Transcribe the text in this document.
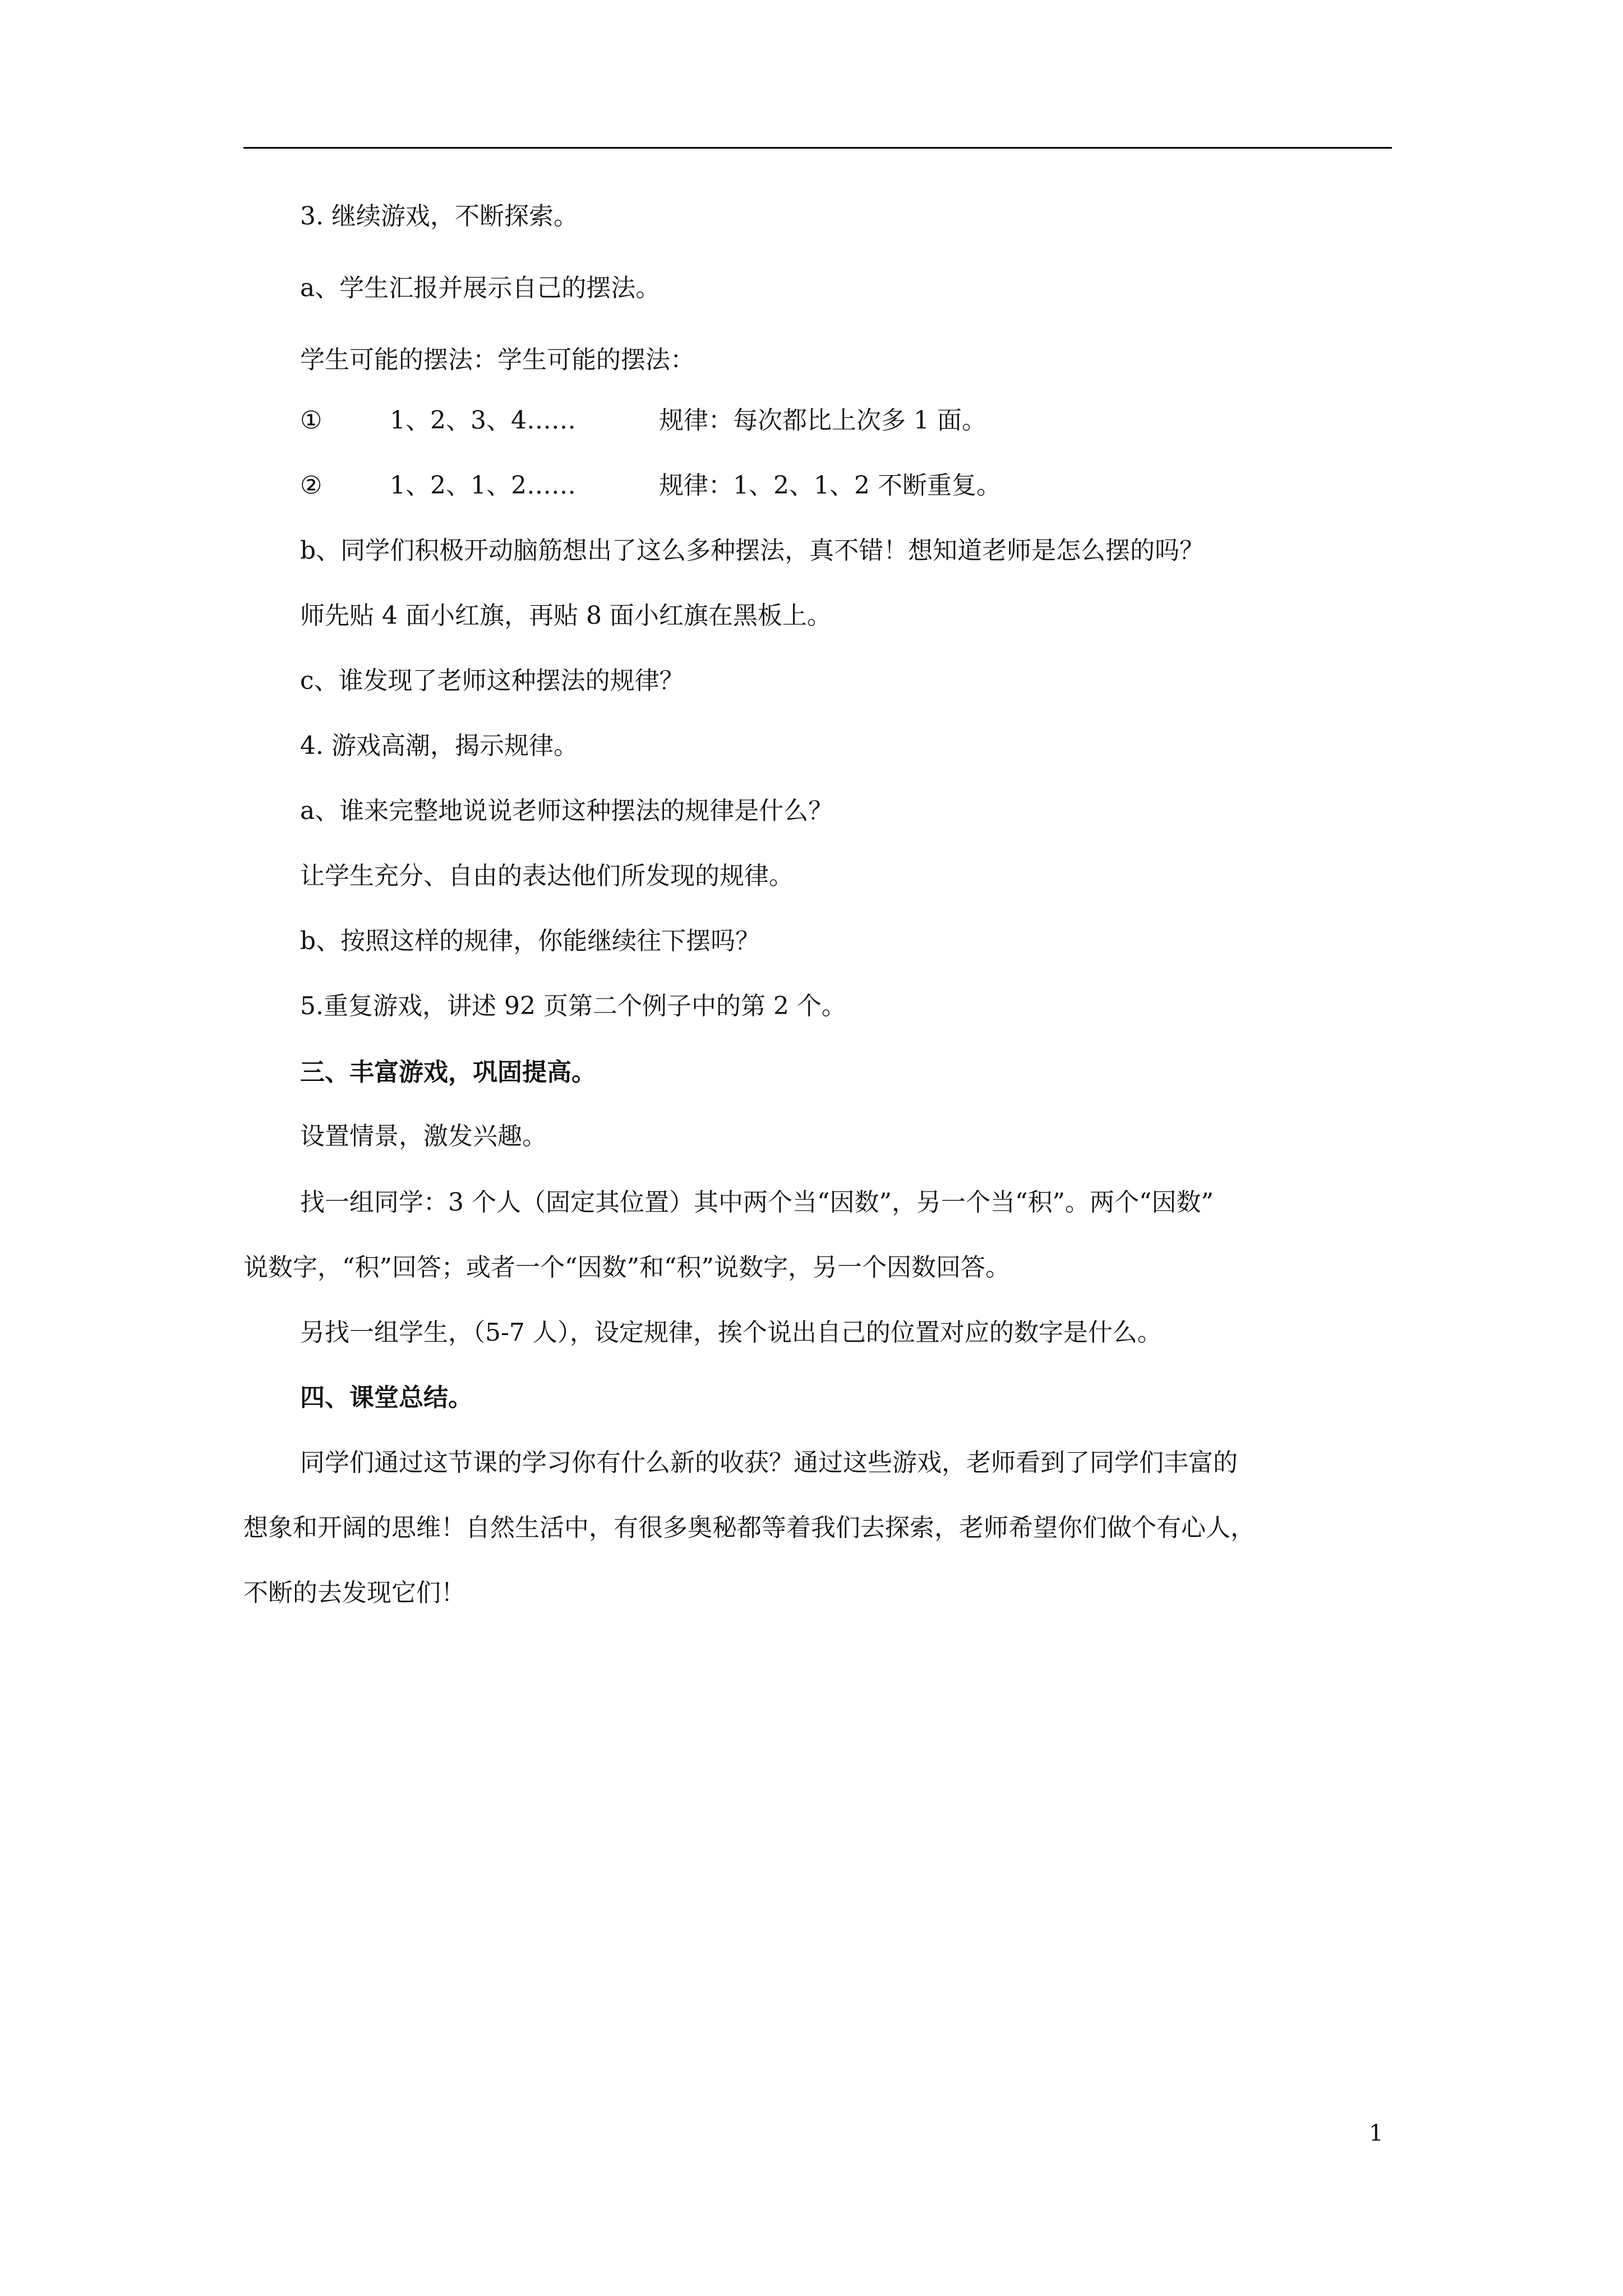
3. 继续游戏，不断探索。

a、学生汇报并展示自己的摆法。

学生可能的摆法：学生可能的摆法：

①	1、2、3、4……	规律：每次都比上次多 1 面。
②	1、2、1、2……	规律：1、2、1、2 不断重复。

b、同学们积极开动脑筋想出了这么多种摆法，真不错！想知道老师是怎么摆的吗？

师先贴 4 面小红旗，再贴 8 面小红旗在黑板上。

c、谁发现了老师这种摆法的规律？

4. 游戏高潮，揭示规律。

a、谁来完整地说说老师这种摆法的规律是什么？

让学生充分、自由的表达他们所发现的规律。

b、按照这样的规律，你能继续往下摆吗？

5.重复游戏，讲述 92 页第二个例子中的第 2 个。

三、丰富游戏，巩固提高。

设置情景，激发兴趣。

找一组同学：3 个人（固定其位置）其中两个当“因数”，另一个当“积”。两个“因数”

说数字，“积”回答；或者一个“因数”和“积”说数字，另一个因数回答。

另找一组学生，（5-7 人），设定规律，挨个说出自己的位置对应的数字是什么。

四、课堂总结。

同学们通过这节课的学习你有什么新的收获？通过这些游戏，老师看到了同学们丰富的

想象和开阔的思维！自然生活中，有很多奥秘都等着我们去探索，老师希望你们做个有心人，

不断的去发现它们！

1
